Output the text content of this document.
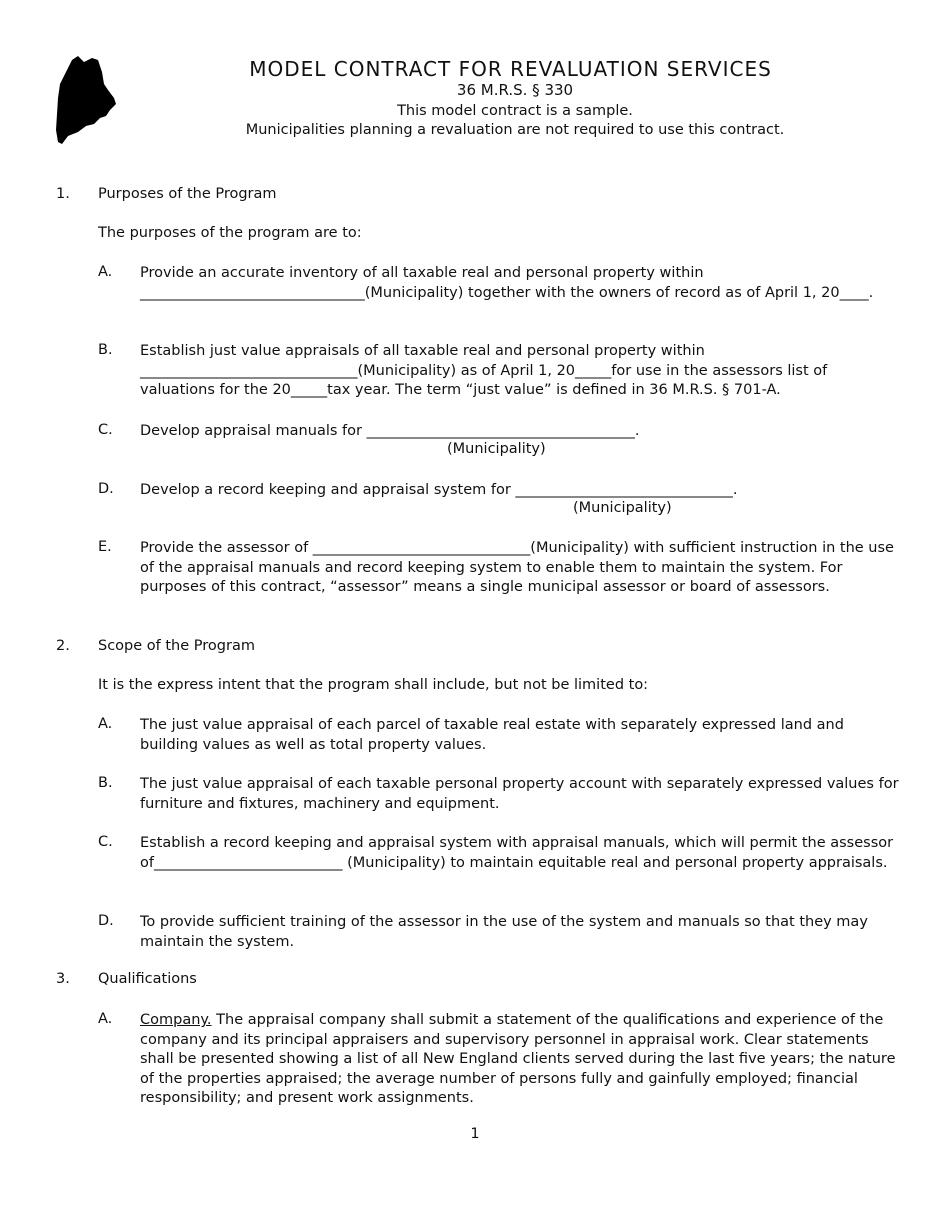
MODEL CONTRACT FOR REVALUATION SERVICES
36 M.R.S. § 330
This model contract is a sample.
Municipalities planning a revaluation are not required to use this contract.
1. Purposes of the Program
The purposes of the program are to:
A. Provide an accurate inventory of all taxable real and personal property within _______________________________(Municipality) together with the owners of record as of April 1, 20____.
B. Establish just value appraisals of all taxable real and personal property within ______________________________(Municipality) as of April 1, 20_____for use in the assessors list of valuations for the 20_____tax year. The term “just value” is defined in 36 M.R.S. § 701-A.
C. Develop appraisal manuals for _____________________________________.
(Municipality)
D. Develop a record keeping and appraisal system for ______________________________.
(Municipality)
E. Provide the assessor of ______________________________(Municipality) with sufficient instruction in the use of the appraisal manuals and record keeping system to enable them to maintain the system. For purposes of this contract, “assessor” means a single municipal assessor or board of assessors.
2. Scope of the Program
It is the express intent that the program shall include, but not be limited to:
A. The just value appraisal of each parcel of taxable real estate with separately expressed land and building values as well as total property values.
B. The just value appraisal of each taxable personal property account with separately expressed values for furniture and fixtures, machinery and equipment.
C. Establish a record keeping and appraisal system with appraisal manuals, which will permit the assessor of__________________________ (Municipality) to maintain equitable real and personal property appraisals.
D. To provide sufficient training of the assessor in the use of the system and manuals so that they may maintain the system.
3. Qualifications
A. Company. The appraisal company shall submit a statement of the qualifications and experience of the company and its principal appraisers and supervisory personnel in appraisal work. Clear statements shall be presented showing a list of all New England clients served during the last five years; the nature of the properties appraised; the average number of persons fully and gainfully employed; financial responsibility; and present work assignments.
1
